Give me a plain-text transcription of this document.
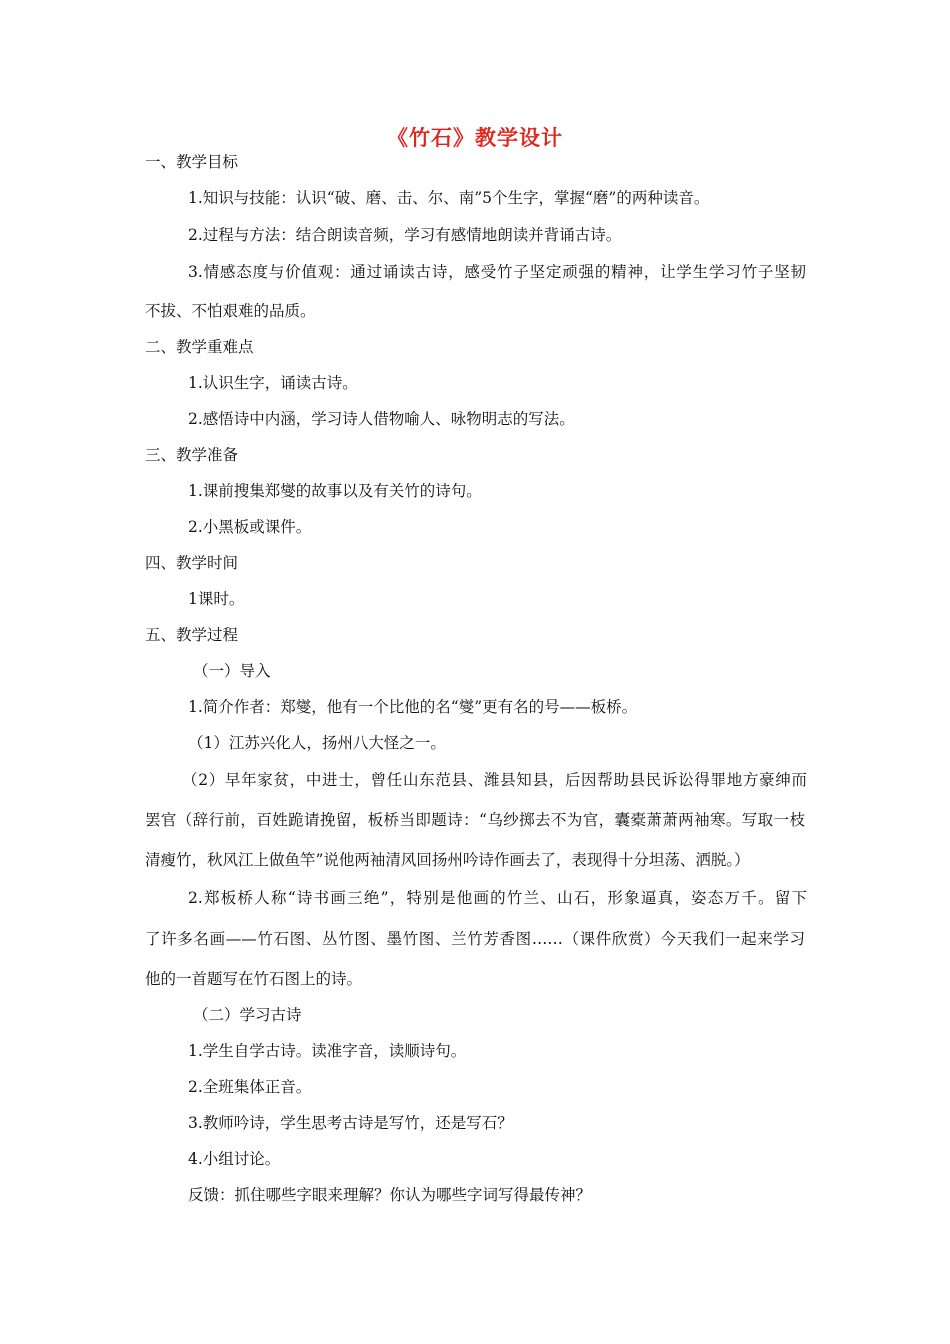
《竹石》教学设计
一、教学目标
1.知识与技能：认识“破、磨、击、尔、南”5个生字，掌握“磨”的两种读音。
2.过程与方法：结合朗读音频，学习有感情地朗读并背诵古诗。
3.情感态度与价值观：通过诵读古诗，感受竹子坚定顽强的精神，让学生学习竹子坚韧
不拔、不怕艰难的品质。
二、教学重难点
1.认识生字，诵读古诗。
2.感悟诗中内涵，学习诗人借物喻人、咏物明志的写法。
三、教学准备
1.课前搜集郑燮的故事以及有关竹的诗句。
2.小黑板或课件。
四、教学时间
1课时。
五、教学过程
（一）导入
1.简介作者：郑燮，他有一个比他的名“燮”更有名的号——板桥。
（1）江苏兴化人，扬州八大怪之一。
（2）早年家贫，中进士，曾任山东范县、潍县知县，后因帮助县民诉讼得罪地方豪绅而
罢官（辞行前，百姓跪请挽留，板桥当即题诗：“乌纱掷去不为官，囊橐萧萧两袖寒。写取一枝
清瘦竹，秋风江上做鱼竿”说他两袖清风回扬州吟诗作画去了，表现得十分坦荡、洒脱。）
2.郑板桥人称“诗书画三绝”，特别是他画的竹兰、山石，形象逼真，姿态万千。留下
了许多名画——竹石图、丛竹图、墨竹图、兰竹芳香图……（课件欣赏）今天我们一起来学习
他的一首题写在竹石图上的诗。
（二）学习古诗
1.学生自学古诗。读准字音，读顺诗句。
2.全班集体正音。
3.教师吟诗，学生思考古诗是写竹，还是写石？
4.小组讨论。
反馈：抓住哪些字眼来理解？你认为哪些字词写得最传神？
